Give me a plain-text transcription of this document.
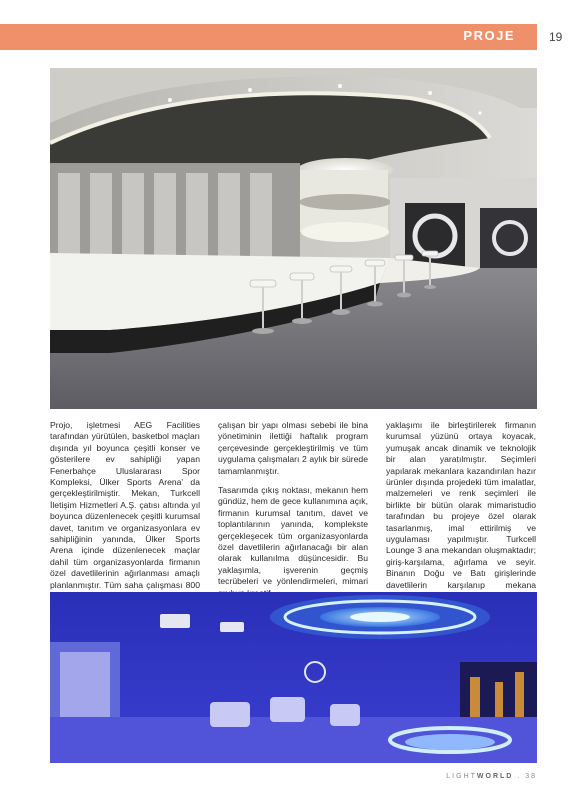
PROJE	19

Projo, işletmesi AEG Facilities tarafından yürütülen, basketbol maçları dışında yıl boyunca çeşitli konser ve gösterilere ev sahipliği yapan Fenerbahçe Uluslararası Spor Kompleksi, Ülker Sports Arena' da gerçekleştirilmiştir. Mekan, Turkcell İletişim Hizmetleri A.Ş. çatısı altında yıl boyunca düzenlenecek çeşitli kurumsal davet, tanıtım ve organizasyonlara ev sahipliğinin yanında, Ülker Sports Arena içinde düzenlenecek maçlar dahil tüm organizasyonlarda firmanın özel davetlilerinin ağırlanması amaçlı planlanmıştır. Tüm saha çalışması 800

çalışan bir yapı olması sebebi ile bina yönetiminin ilettiği haftalık program çerçevesinde gerçekleştirilmiş ve tüm uygulama çalışmaları 2 aylık bir sürede tamamlanmıştır.

Tasarımda çıkış noktası, mekanın hem gündüz, hem de gece kullanımına açık, firmanın kurumsal tanıtım, davet ve toplantılarının yanında, komplekste gerçekleşecek tüm organizasyonlarda özel davetlilerin ağırlanacağı bir alan olarak kullanılma düşüncesidir. Bu yaklaşımla, işverenin geçmiş tecrübeleri ve yönlendirmeleri, mimari

yaklaşımı ile birleştirilerek firmanın kurumsal yüzünü ortaya koyacak, yumuşak ancak dinamik ve teknolojik bir alan yaratılmıştır. Seçimleri yapılarak mekanlara kazandırılan hazır ürünler dışında projedeki tüm imalatlar, malzemeleri ve renk seçimleri ile birlikte bir bütün olarak mimaristudio tarafından bu projeye özel olarak tasarlanmış, imal ettirilmiş ve uygulaması yapılmıştır. Turkcell Lounge 3 ana mekandan oluşmaktadır; giriş-karşılama, ağırlama ve seyir. Binanın Doğu ve Batı girişlerinde davetlilerin karşılanıp mekana

LIGHTWORLD . 38
